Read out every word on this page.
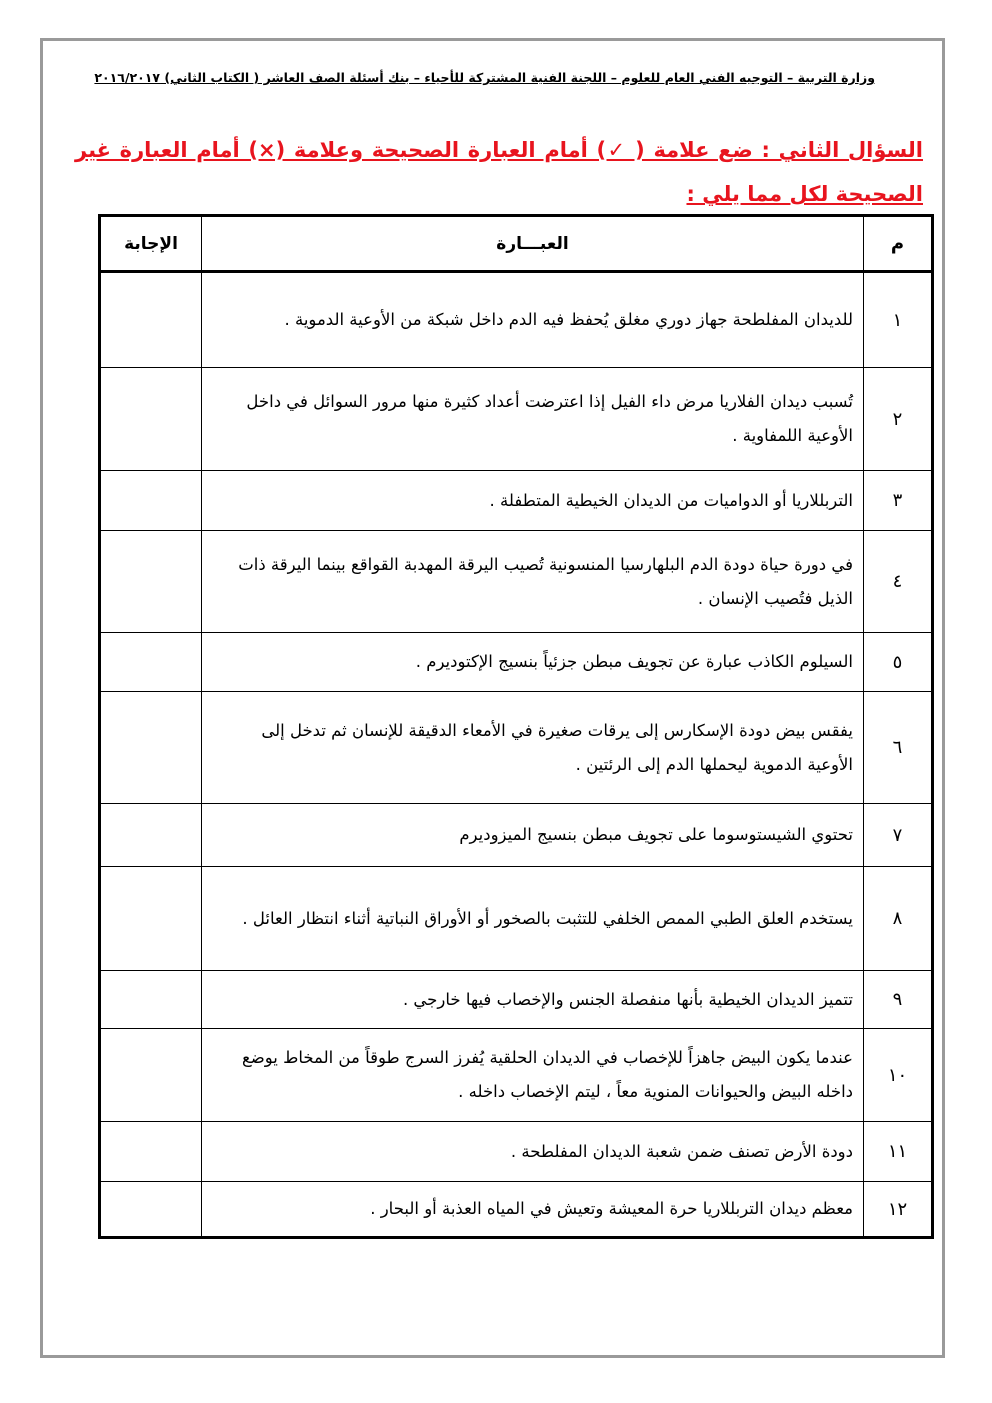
وزارة التربية – التوجيه الفني العام للعلوم – اللجنة الفنية المشتركة للأحياء – بنك أسئلة الصف العاشر ( الكتاب الثاني) ٢٠١٦/٢٠١٧
السؤال الثاني : ضع علامة ( ✓) أمام العبارة الصحيحة وعلامة (×) أمام العبارة غير الصحيحة لكل مما يلي :
م	العبـــارة	الإجابة
١	للديدان المفلطحة جهاز دوري مغلق يُحفظ فيه الدم داخل شبكة من الأوعية الدموية .	
٢	تُسبب ديدان الفلاريا مرض داء الفيل إذا اعترضت أعداد كثيرة منها مرور السوائل في داخل الأوعية اللمفاوية .	
٣	التربللاريا أو الدواميات من الديدان الخيطية المتطفلة .	
٤	في دورة حياة دودة الدم البلهارسيا المنسونية تُصيب اليرقة المهدبة القواقع بينما اليرقة ذات الذيل فتُصيب الإنسان .	
٥	السيلوم الكاذب عبارة عن تجويف مبطن جزئياً بنسيج الإكتوديرم .	
٦	يفقس بيض دودة الإسكارس إلى يرقات صغيرة في الأمعاء الدقيقة للإنسان ثم تدخل إلى الأوعية الدموية ليحملها الدم إلى الرئتين .	
٧	تحتوي الشيستوسوما على تجويف مبطن بنسيج الميزوديرم	
٨	يستخدم العلق الطبي الممص الخلفي للتثبت بالصخور أو الأوراق النباتية أثناء انتظار العائل .	
٩	تتميز الديدان الخيطية بأنها منفصلة الجنس والإخصاب فيها خارجي .	
١٠	عندما يكون البيض جاهزاً للإخصاب في الديدان الحلقية يُفرز السرج طوقاً من المخاط يوضع داخله البيض والحيوانات المنوية معاً ، ليتم الإخصاب داخله .	
١١	دودة الأرض تصنف ضمن شعبة الديدان المفلطحة .	
١٢	معظم ديدان التربللاريا حرة المعيشة وتعيش في المياه العذبة أو البحار .	
